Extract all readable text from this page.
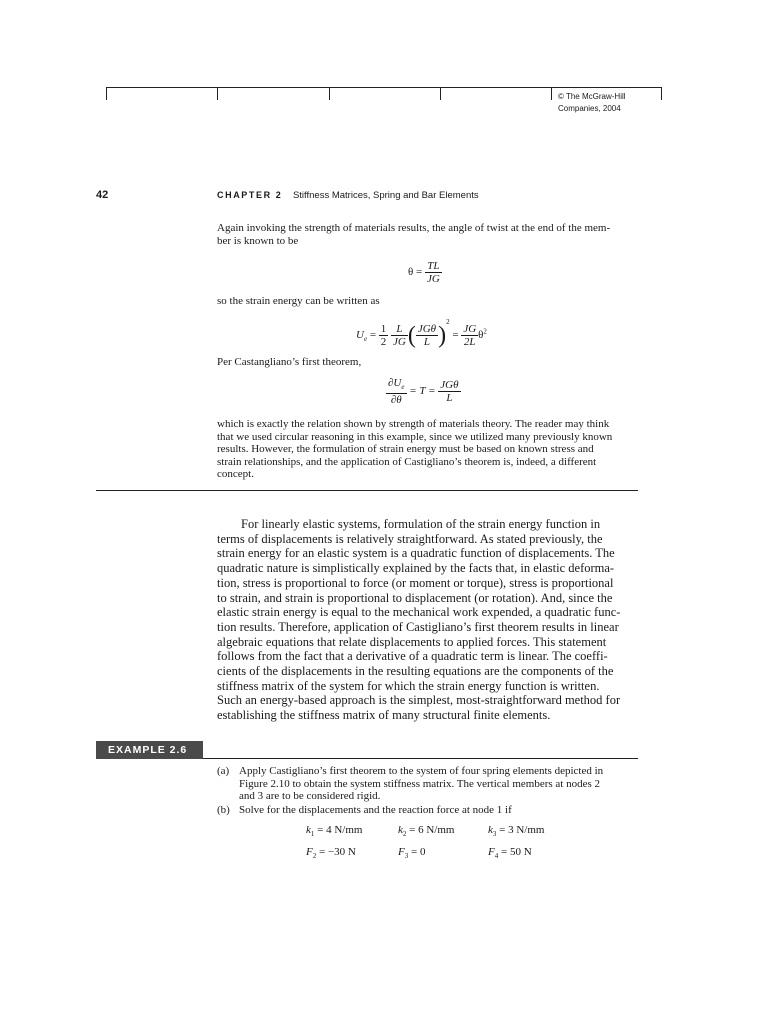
© The McGraw-Hill
Companies, 2004
42	CHAPTER 2 Stiffness Matrices, Spring and Bar Elements
Again invoking the strength of materials results, the angle of twist at the end of the mem-
ber is known to be
$\theta = \frac{TL}{JG}$
so the strain energy can be written as
$U_e = \frac{1}{2}$
$\frac{L}{JG}$ ( $\frac{\text{JGθ}}{L} )^2 = \frac{JG}{2L} \theta^2$
Per Castangliano’s first theorem,
$\frac{\partial U_e}{\partial\theta} = T = \frac{\text{JGθ}}{L}$
which is exactly the relation shown by strength of materials theory. The reader may think
that we used circular reasoning in this example, since we utilized many previously known
results. However, the formulation of strain energy must be based on known stress and
strain relationships, and the application of Castigliano’s theorem is, indeed, a different
concept.
For linearly elastic systems, formulation of the strain energy function in
terms of displacements is relatively straightforward. As stated previously, the
strain energy for an elastic system is a quadratic function of displacements. The
quadratic nature is simplistically explained by the facts that, in elastic deforma-
tion, stress is proportional to force (or moment or torque), stress is proportional
to strain, and strain is proportional to displacement (or rotation). And, since the
elastic strain energy is equal to the mechanical work expended, a quadratic func-
tion results. Therefore, application of Castigliano’s first theorem results in linear
algebraic equations that relate displacements to applied forces. This statement
follows from the fact that a derivative of a quadratic term is linear. The coeffi-
cients of the displacements in the resulting equations are the components of the
stiffness matrix of the system for which the strain energy function is written.
Such an energy-based approach is the simplest, most-straightforward method for
establishing the stiffness matrix of many structural finite elements.
EXAMPLE 2.6
(a) Apply Castigliano’s first theorem to the system of four spring elements depicted in
Figure 2.10 to obtain the system stiffness matrix. The vertical members at nodes 2
and 3 are to be considered rigid.
(b) Solve for the displacements and the reaction force at node 1 if
$k_1 = 4$ N/mm	$k_2 = 6$ N/mm	$k_3 = 3$ N/mm
$F_2 = -30$ N	$F_3 = 0$	$F_4 = 50$ N
